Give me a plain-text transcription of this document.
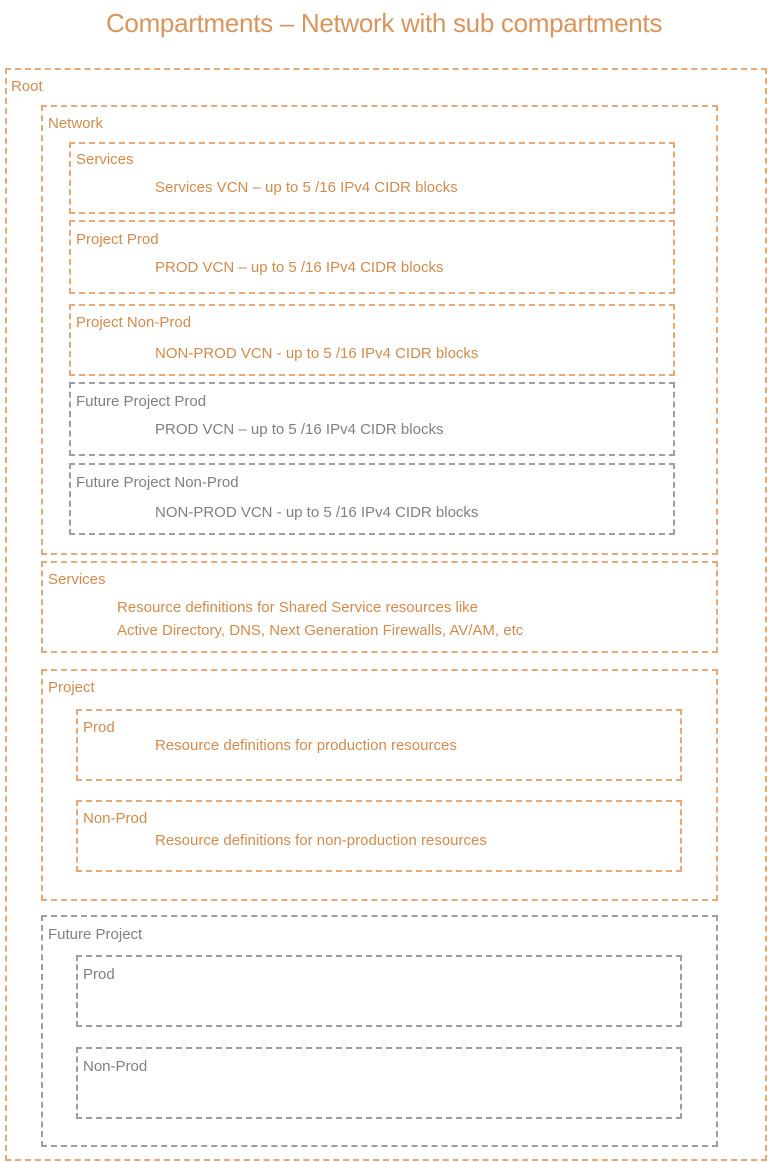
Compartments – Network with sub compartments
Root
Network
Services
Services VCN – up to 5 /16 IPv4 CIDR blocks
Project Prod
PROD VCN – up to 5 /16 IPv4 CIDR blocks
Project Non-Prod
NON-PROD VCN - up to 5 /16 IPv4 CIDR blocks
Future Project Prod
PROD VCN – up to 5 /16 IPv4 CIDR blocks
Future Project Non-Prod
NON-PROD VCN - up to 5 /16 IPv4 CIDR blocks
Services
Resource definitions for Shared Service resources like
Active Directory, DNS, Next Generation Firewalls, AV/AM, etc
Project
Prod
Resource definitions for production resources
Non-Prod
Resource definitions for non-production resources
Future Project
Prod
Non-Prod
